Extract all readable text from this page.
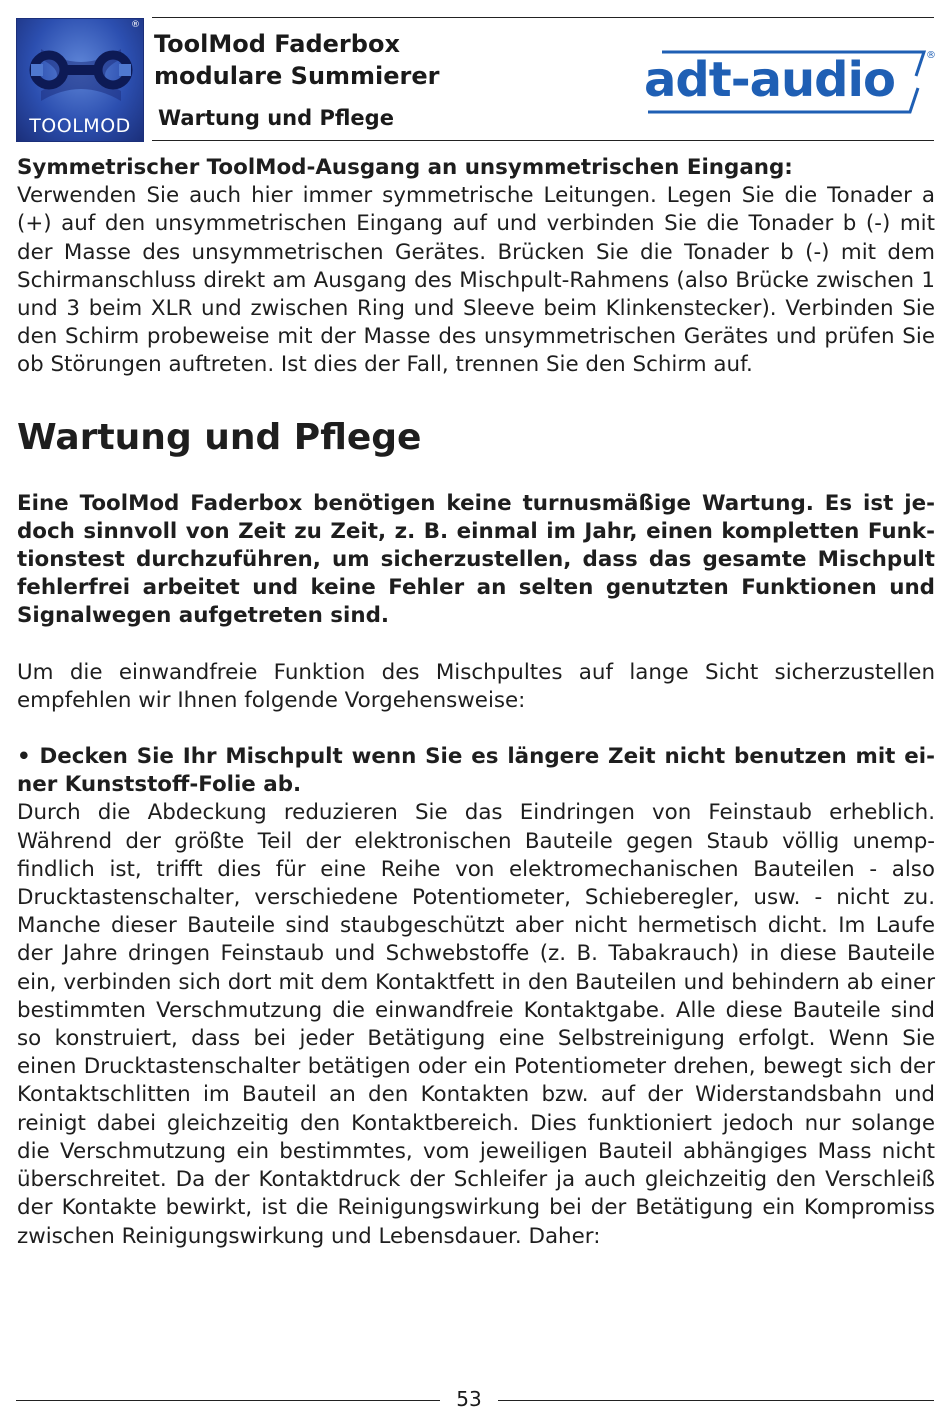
®
TOOLMOD
ToolMod Faderbox
modulare Summierer
Wartung und Pflege
adt-audio	®

Symmetrischer ToolMod-Ausgang an unsymmetrischen Eingang:

Verwenden Sie auch hier immer symmetrische Leitungen. Legen Sie die Tonader a (+) auf den unsymmetrischen Eingang auf und verbinden Sie die Tonader b (-) mit der Masse des unsymmetrischen Gerätes. Brücken Sie die Tonader b (-) mit dem Schirmanschluss direkt am Ausgang des Mischpult-Rahmens (also Brücke zwischen 1 und 3 beim XLR und zwischen Ring und Sleeve beim Klinkenstecker). Verbinden Sie den Schirm probeweise mit der Masse des unsymmetrischen Gerätes und prüfen Sie ob Störungen auftreten. Ist dies der Fall, trennen Sie den Schirm auf.

Wartung und Pflege

Eine ToolMod Faderbox benötigen keine turnusmäßige Wartung. Es ist jedoch sinnvoll von Zeit zu Zeit, z. B. einmal im Jahr, einen kompletten Funktionstest durchzuführen, um sicherzustellen, dass das gesamte Mischpult fehlerfrei arbeitet und keine Fehler an selten genutzten Funktionen und Signalwegen aufgetreten sind.

Um die einwandfreie Funktion des Mischpultes auf lange Sicht sicherzustellen empfehlen wir Ihnen folgende Vorgehensweise:

• Decken Sie Ihr Mischpult wenn Sie es längere Zeit nicht benutzen mit einer Kunststoff-Folie ab.

Durch die Abdeckung reduzieren Sie das Eindringen von Feinstaub erheblich. Während der größte Teil der elektronischen Bauteile gegen Staub völlig unempfindlich ist, trifft dies für eine Reihe von elektromechanischen Bauteilen - also Drucktastenschalter, verschiedene Potentiometer, Schieberegler, usw. - nicht zu. Manche dieser Bauteile sind staubgeschützt aber nicht hermetisch dicht. Im Laufe der Jahre dringen Feinstaub und Schwebstoffe (z. B. Tabakrauch) in diese Bauteile ein, verbinden sich dort mit dem Kontaktfett in den Bauteilen und behindern ab einer bestimmten Verschmutzung die einwandfreie Kontaktgabe. Alle diese Bauteile sind so konstruiert, dass bei jeder Betätigung eine Selbstreinigung erfolgt. Wenn Sie einen Drucktastenschalter betätigen oder ein Potentiometer drehen, bewegt sich der Kontaktschlitten im Bauteil an den Kontakten bzw. auf der Widerstandsbahn und reinigt dabei gleichzeitig den Kontaktbereich. Dies funktioniert jedoch nur solange die Verschmutzung ein bestimmtes, vom jeweiligen Bauteil abhängiges Mass nicht überschreitet. Da der Kontaktdruck der Schleifer ja auch gleichzeitig den Verschleiß der Kontakte bewirkt, ist die Reinigungswirkung bei der Betätigung ein Kompromiss zwischen Reinigungswirkung und Lebensdauer. Daher:

53
